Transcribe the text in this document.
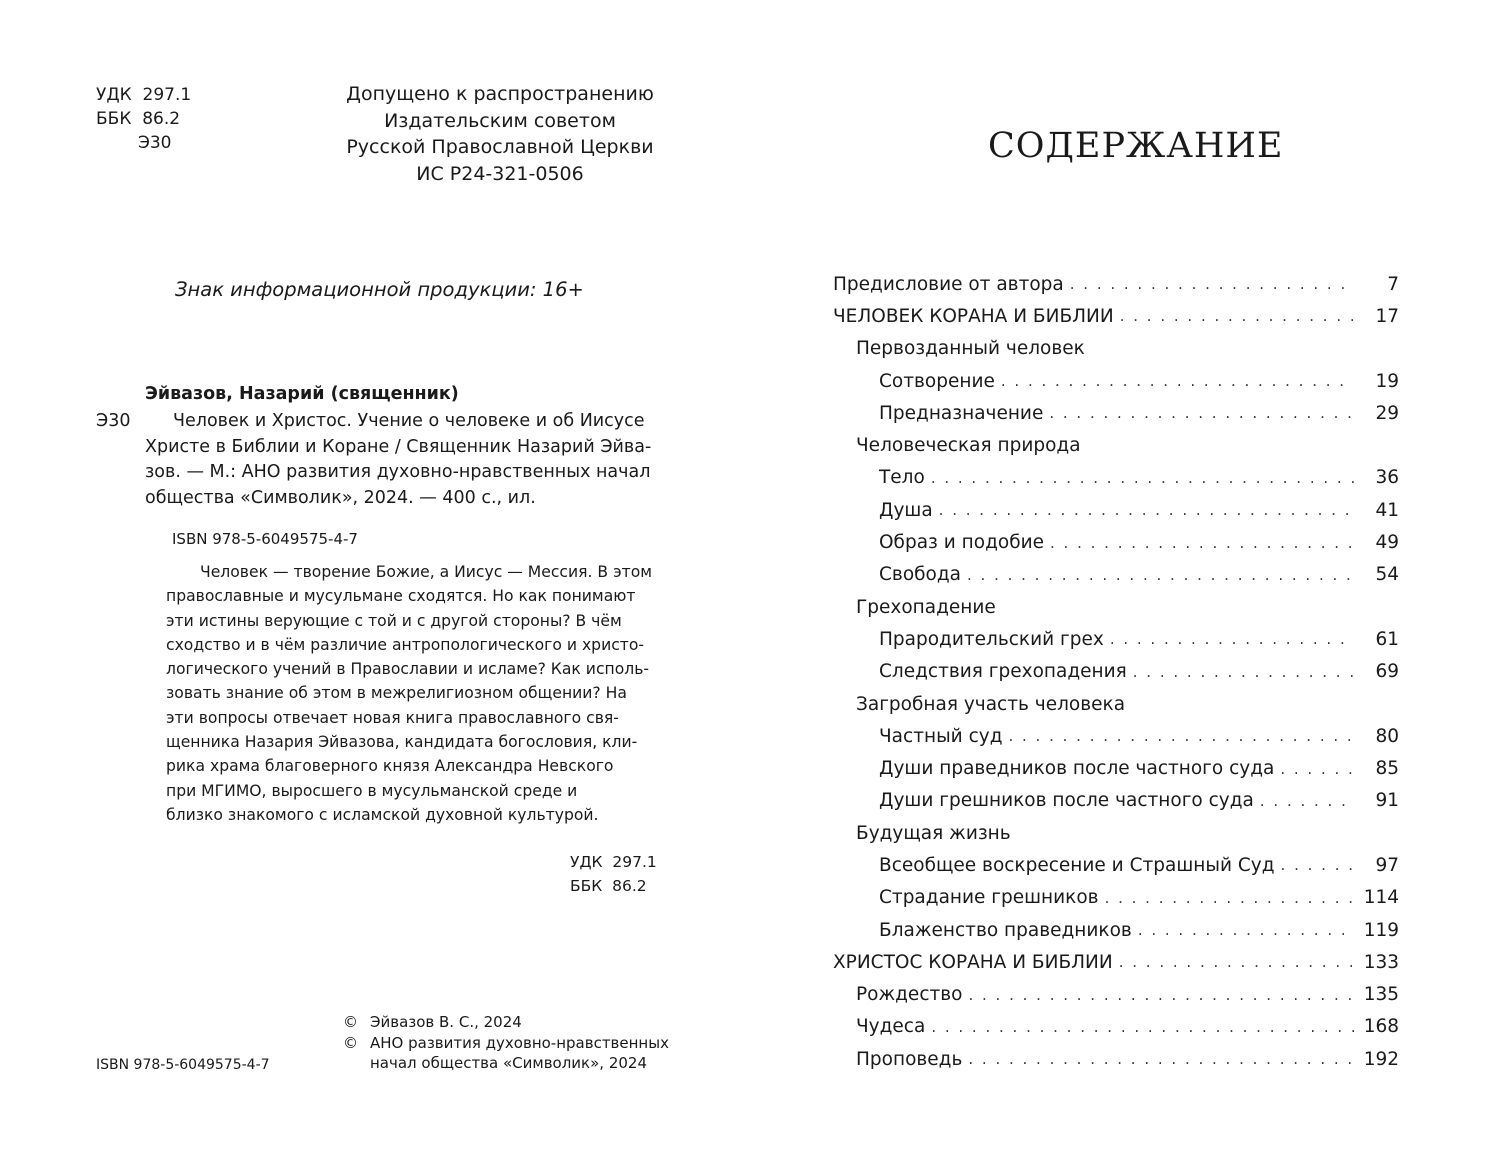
УДК  297.1
ББК  86.2
Э30
Допущено к распространению
Издательским советом
Русской Православной Церкви
ИС Р24-321-0506
Знак информационной продукции: 16+
Эйвазов, Назарий (священник)
Э30	Человек и Христос. Учение о человеке и об Иисусе
Христе в Библии и Коране / Священник Назарий Эйва-
зов. — М.: АНО развития духовно-нравственных начал
общества «Символик», 2024. — 400 с., ил.
ISBN 978-5-6049575-4-7
Человек — творение Божие, а Иисус — Мессия. В этом
православные и мусульмане сходятся. Но как понимают
эти истины верующие с той и с другой стороны? В чём
сходство и в чём различие антропологического и христо-
логического учений в Православии и исламе? Как исполь-
зовать знание об этом в межрелигиозном общении? На
эти вопросы отвечает новая книга православного свя-
щенника Назария Эйвазова, кандидата богословия, кли-
рика храма благоверного князя Александра Невского
при МГИМО, выросшего в мусульманской среде и
близко знакомого с исламской духовной культурой.
УДК  297.1
ББК  86.2
© Эйвазов В. С., 2024
© АНО развития духовно-нравственных
начал общества «Символик», 2024
ISBN 978-5-6049575-4-7
СОДЕРЖАНИЕ
Предисловие от автора . . .	7
ЧЕЛОВЕК КОРАНА И БИБЛИИ . . .	17
Первозданный человек
Сотворение . . .	19
Предназначение . . .	29
Человеческая природа
Тело . . .	36
Душа . . .	41
Образ и подобие . . .	49
Свобода . . .	54
Грехопадение
Прародительский грех . . .	61
Следствия грехопадения . . .	69
Загробная участь человека
Частный суд . . .	80
Души праведников после частного суда . . .	85
Души грешников после частного суда . . .	91
Будущая жизнь
Всеобщее воскресение и Страшный Суд . . .	97
Страдание грешников . . .	114
Блаженство праведников . . .	119
ХРИСТОС КОРАНА И БИБЛИИ . . .	133
Рождество . . .	135
Чудеса . . .	168
Проповедь . . .	192
